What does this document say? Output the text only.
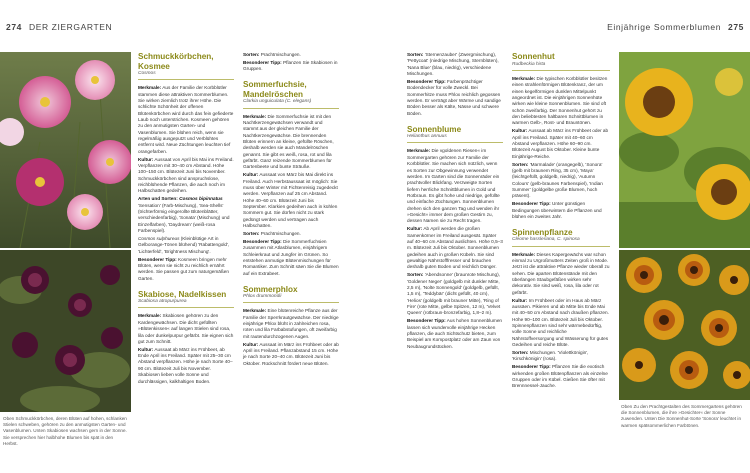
274 DER ZIERGARTEN	Einjährige Sommerblumen 275
Oben Schmuckkörbchen, deren Blüten auf hohen, schlanken Stielen schweben, gehören zu den anmutigsten Garten- und Vasenblumen. Unten Skabiosen wachsen gern in der Sonne. Sie versprechen hier halbhohe Blumen bis spät in den Herbst.
Oben Zu den Prachtgestalten des Sommergartens gehören die Sonnenblumen, die ihre »Gesichter« der Sonne zuwenden. Unten Die Sonnenhut-Sorte 'Sonora' leuchtet in warmen spätsommerlichen Farbtönen.
Schmuckkörbchen, Kosmee
Cosmos

Merkmale: Aus der Familie der Korbblütler stammen diese attraktiven Sommerblumen. Sie wirken ziemlich trotz ihrer Höhe. Die schlichte Schönheit der offenen Blütenkörbchen wird durch das fein gefiederte Laub noch unterstrichen. Kosmeen gehören zu den anmutigsten Garten- und Vasenblumen. Sie blühen reich, wenn sie regelmäßig ausgeputzt und Verblühtes entfernt wird. Neue Züchtungen leuchten tief orangefarben.

Kultur: Aussaat von April bis Mai ins Freiland. Verpflanzen mit 30–40 cm Abstand. Höhe 100–150 cm. Blütezeit Juni bis November. Schmuckkörbchen sind anspruchslose, reichblühende Pflanzen, die auch noch im Halbschatten gedeihen.

Arten und Sorten: Cosmos bipinnatus 'Sensation' (Farb-Mischung), 'Sea-Shells' (trichterförmig eingerollte Blütenblätter, verschiedenfarbig), 'Sonata' (Mischung) und Einzelfarben), 'Daydream' (weiß-rosa Farbenspiel).

Cosmos sulphureus (Kleinblütige Art in Gelborange-Tönen blühend) 'Rabattengold', 'Lichterfeld', 'Brightness Mischung'.

Besonderer Tipp: Kosmeen bringen mehr Blüten, wenn sie nicht zu reichlich ernährt werden. Sie passen gut zum naturgemäßen Garten.

Skabiose, Nadelkissen
Scabiosa atropurpurea

Merkmale: Skabiosen gehören zu den Kardengewächsen. Die dicht gefüllten »Blütenkissen« auf langen Stielen sind rosa, lila oder dunkelpurpur gefärbt. Sie eignen sich gut zum Schnitt.

Kultur: Aussaat ab März ins Frühbeet, ab Ende April ins Freiland. Später mit 25–30 cm Abstand verpflanzen. Höhe je nach Sorte 40–90 cm. Blütezeit Juli bis November. Skabiosen lieben volle Sonne und durchlässigen, kalkhaltigen Boden.

Sorten: Prachtmischungen.

Besonderer Tipp: Pflanzen Sie Skabiosen in Gruppen.

Sommerfuchsie, Mandelröschen
Clarkia unguiculata (C. elegans)

Merkmale: Die Sommerfuchsie ist mit den Nachtkerzengewächsen verwandt und stammt aus der gleichen Familie der Nachtkerzengewächse. Die brennenden Blüten erinnern an kleine, gefüllte Röschen, deshalb werden sie auch Mandelröschen genannt. Sie gibt es weiß, rosa, rot und lila gefärbt. Ganz reizende Sommerblumen für Gartenbeete und bunte Sträuße.

Kultur: Aussaat von März bis Mai direkt ins Freiland. Auch Herbstaussaat ist möglich: Sie muss über Winter mit Fichtenreisig zugedeckt werden. Verpflanzen auf 25 cm Abstand. Höhe 40–60 cm. Blütezeit Juni bis September. Klarkien gedeihen auch in kühlen Sommern gut. Sie dürfen nicht zu stark gedüngt werden und vertragen auch Halbschatten.

Sorten: Prachtmischungen.

Besonderer Tipp: Die Sommerfuchsien zusammen mit Atlasblumen, einjährigem Schleierkraut und Jungfer im Grünen. So entstehen anmutige Blütenmischungen für Romantiker. Zum Schnitt säen Sie die Blumen auf ein Extrabeet.

Sommerphlox
Phlox drummondii

Merkmale: Eine blütenreiche Pflanze aus der Familie der Sperrkrautgewächse. Der niedrige einjährige Phlox blüht in zahlreichen rosa, roten und lila Farbabstufungen, oft zweifarbig mit rautendurchzogenen Augen.

Kultur: Aussaat im März ins Frühbeet oder ab April ins Freiland. Pflanzabstand 15 cm. Höhe je nach Sorte 20–40 cm. Blütezeit Juni bis Oktober. Rückschnitt fördert neue Blüten.

Sorten: 'Sternenzauber' (Zwergmischung), 'Pettycoat' (niedrige Mischung, Sternblüten), 'Nana Blue' (blau, niedrig), verschiedene Mischungen.

Besonderer Tipp: Farbenprächtiger Bodendecker für volle Zweckl. Bei Sommerhitze muss Phlox reichlich gegossen werden. Er verträgt aber Wärme und sandige Böden besser als Kälte, Nässe und schwere Böden.

Sonnenblume
Helianthus annuus

Merkmale: Die vgoldenen Riesen« im Sommergarten gehören zur Familie der Korbblütler. Sie machen sich nützlich, wenn es Sorten zur Obgewinnung verwendet werden. Im Garten sind die Sonnenräder ein prachtvoller Blickfang. Verzweigte Sorten liefern herrliche Schnittblumen in Gold und Rotbraun. Es gibt hohe und niedrige, gefüllte und einfache Züchtungen. Sonnenblumen drehen sich den ganzen Tag und wenden ihr »Gesicht« immer dem großen Gestirn zu, dessen Namen sie zu Recht tragen.

Kultur: Ab April werden die großen Samenkörner im Freiland ausgesät. Später auf 40–60 cm Abstand auslichten. Höhe 0,5–3 m. Blütezeit Juli bis Oktober. Sonnenblumen gedeihen auch in großen Kübeln. Sie sind gewaltige Nährstofffresser und brauchen deshalb guten Boden und reichlich Dünger.

Sorten: 'Abendsonne' (braunrote Mischung), 'Goldener Neger' (goldgelb mit dunkler Mitte, 2,5 m), 'Nolte Sonnengold' (goldgelb, gefüllt, 1,5 m), 'Teddybär' (dicht gefüllt, 40 cm), 'Helios' (goldgelb mit brauner Mitte), 'Ring of Fire' (rote Mitte, gelbe Spitzen, 12 m), 'Velvet Queen' (rotbraun-bronzefarbig, 1,8–2 m).

Besonderer Tipp: Aus hohen Sonnenblumen lassen sich wundervolle einjährige Hecken pflanzen, die auch Sichtschutz bieten, zum Beispiel am Kompostplatz oder am Zaun von Neubaugrundstücken.

Sonnenhut
Rudbeckia hirta

Merkmale: Die typischen Korbblütler besitzen einen strahlenförmigen Blütenkranz, der um einen kegelförmigen dunklen Mittelpunkt angeordnet ist. Die einjährigen Sonnenhüte wirken wie kleine Sonnenblumen. Sie sind oft schön zweifarbig. Der Sonnenhut gehört zu den beliebtesten haltbaren Schnittblumen in warmen Gelb-, Rost- und Brauntönen.

Kultur: Aussaat ab März ins Frühbeet oder ab April ins Freiland. Später mit 40–60 cm Abstand verpflanzen. Höhe 60–90 cm. Blütezeit August bis Oktober. Kleine bunte Einjährige-Reiche.

Sorten: 'Marmalade' (orangegelb), 'Sonora' (gelb mit braunem Ring, 35 cm), 'Maya' (leichtgefüllt, goldgelb, niedrig), 'Autumn Colours' (gelb-braunes Farbenspiel), 'Indian Summer' (goldgelbe große Blumen, hoch präsent).

Besonderer Tipp: Unter günstigen Bedingungen überwintern die Pflanzen und blühen ein zweites Jahr.

Spinnenpflanze
Cleome hassleriana, C. spinosa

Merkmale: Dieses Kapergewächs war schon einmal zu Urgroßmutters Zeiten groß in Mode. Jetzt ist die attraktive Pflanze wieder überall zu sehen. Die aparten Blütenstände mit den überlangen Staubgefäßen wirken sehr dekorativ. Sie sind weiß, rosa, lila oder rot gefärbt.

Kultur: Im Frühbeet oder im Haus ab März aussäen. Pikieren und ab Mitte bis Ende Mai mit 40–50 cm Abstand nach draußen pflanzen. Höhe 90–100 cm. Blütezeit Juli bis Oktober. Spinnenpflanzen sind sehr wärmebedürftig, volle Sonne und reichliche Nährstoffversorgung und Wässerung für gutes Gedeihen und reiche Blüte.

Sorten: Mischungen. 'Violettkönigin', 'Kirschkönigin' (rosa).

Besonderer Tipp: Pflanzen Sie die exotisch wirkenden großen Blütenpflanzen als einzelne Gruppen oder im Kübel. Gießen Sie öfter mit Brennnessel-Jauche.
